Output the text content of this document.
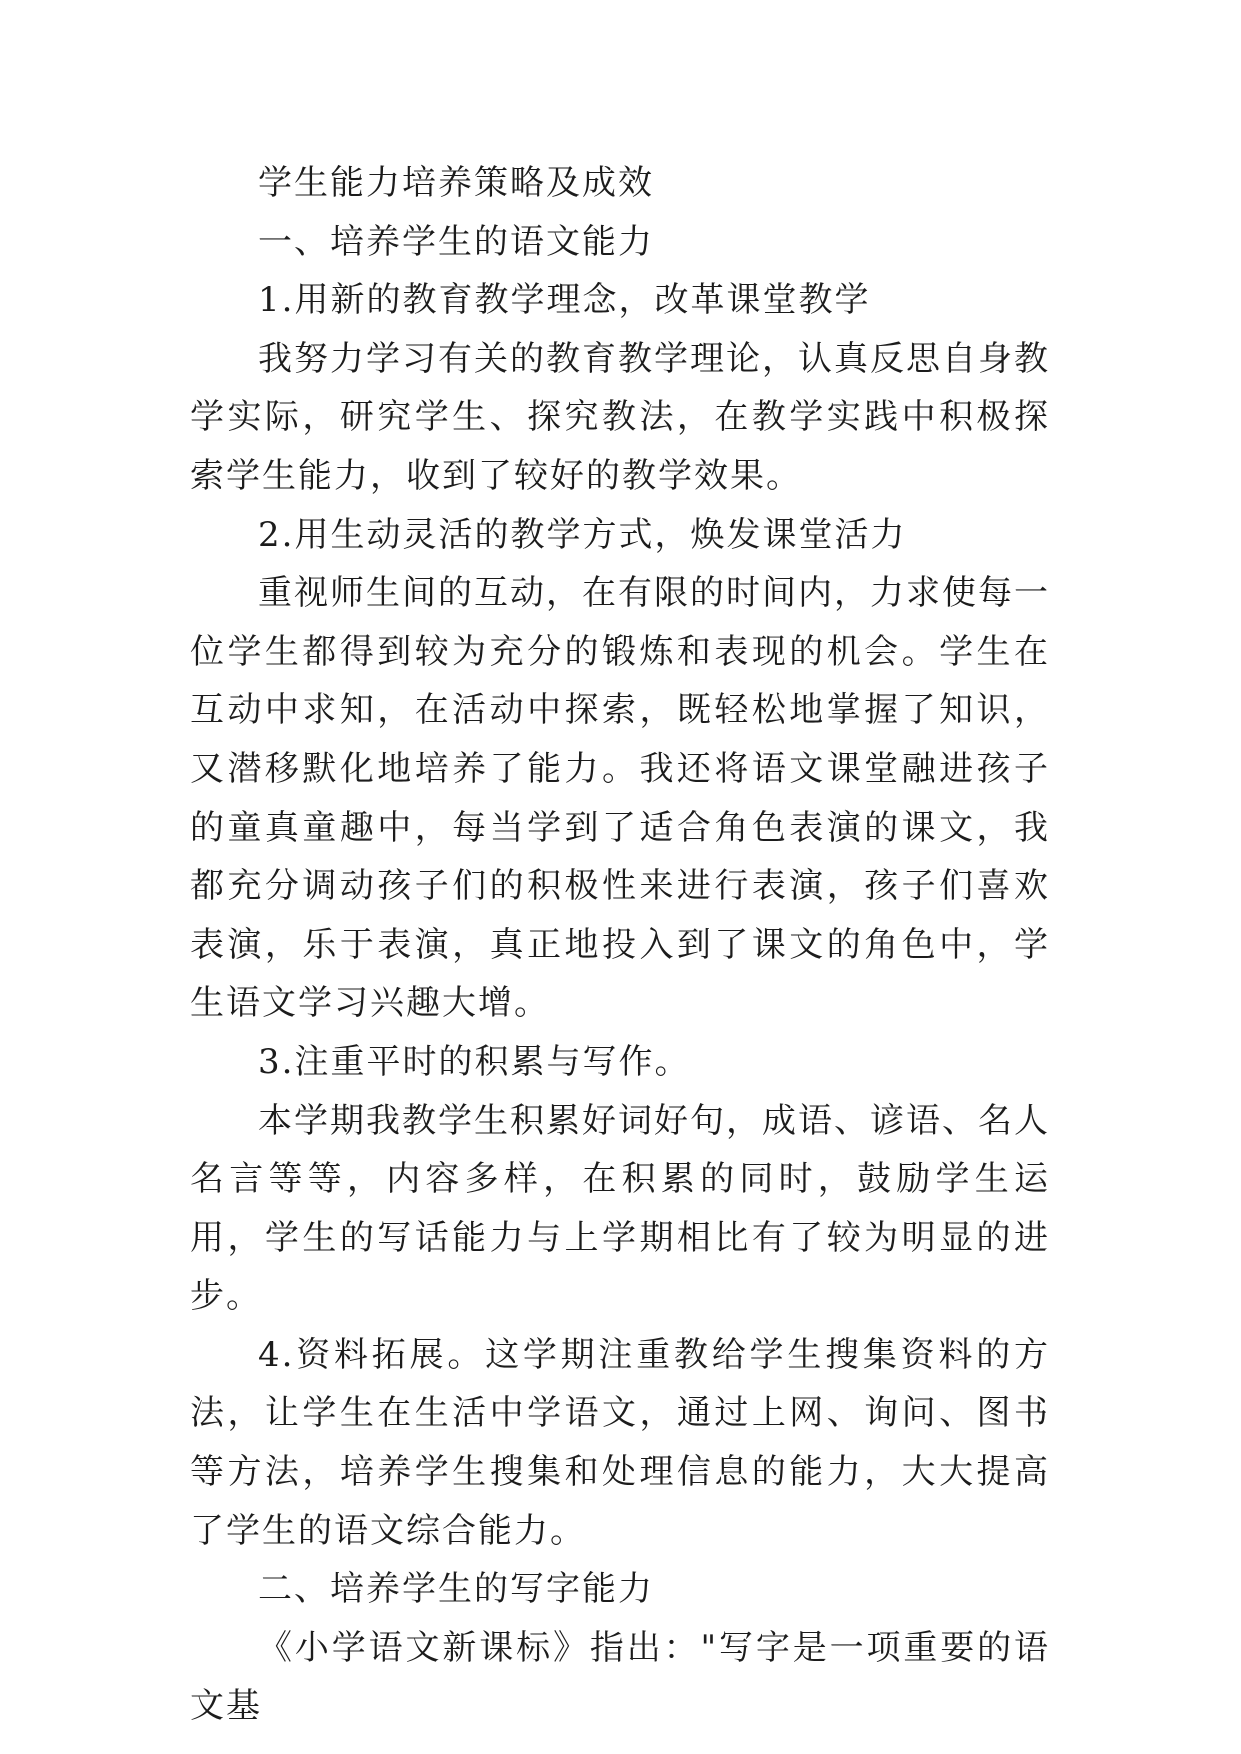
学生能力培养策略及成效

一、培养学生的语文能力

1.用新的教育教学理念，改革课堂教学

我努力学习有关的教育教学理论，认真反思自身教学实际，研究学生、探究教法，在教学实践中积极探索学生能力，收到了较好的教学效果。

2.用生动灵活的教学方式，焕发课堂活力

重视师生间的互动，在有限的时间内，力求使每一位学生都得到较为充分的锻炼和表现的机会。学生在互动中求知，在活动中探索，既轻松地掌握了知识，又潜移默化地培养了能力。我还将语文课堂融进孩子的童真童趣中，每当学到了适合角色表演的课文，我都充分调动孩子们的积极性来进行表演，孩子们喜欢表演，乐于表演，真正地投入到了课文的角色中，学生语文学习兴趣大增。

3.注重平时的积累与写作。

本学期我教学生积累好词好句，成语、谚语、名人名言等等，内容多样，在积累的同时，鼓励学生运用，学生的写话能力与上学期相比有了较为明显的进步。

4.资料拓展。这学期注重教给学生搜集资料的方法，让学生在生活中学语文，通过上网、询问、图书等方法，培养学生搜集和处理信息的能力，大大提高了学生的语文综合能力。

二、培养学生的写字能力

《小学语文新课标》指出："写字是一项重要的语文基
